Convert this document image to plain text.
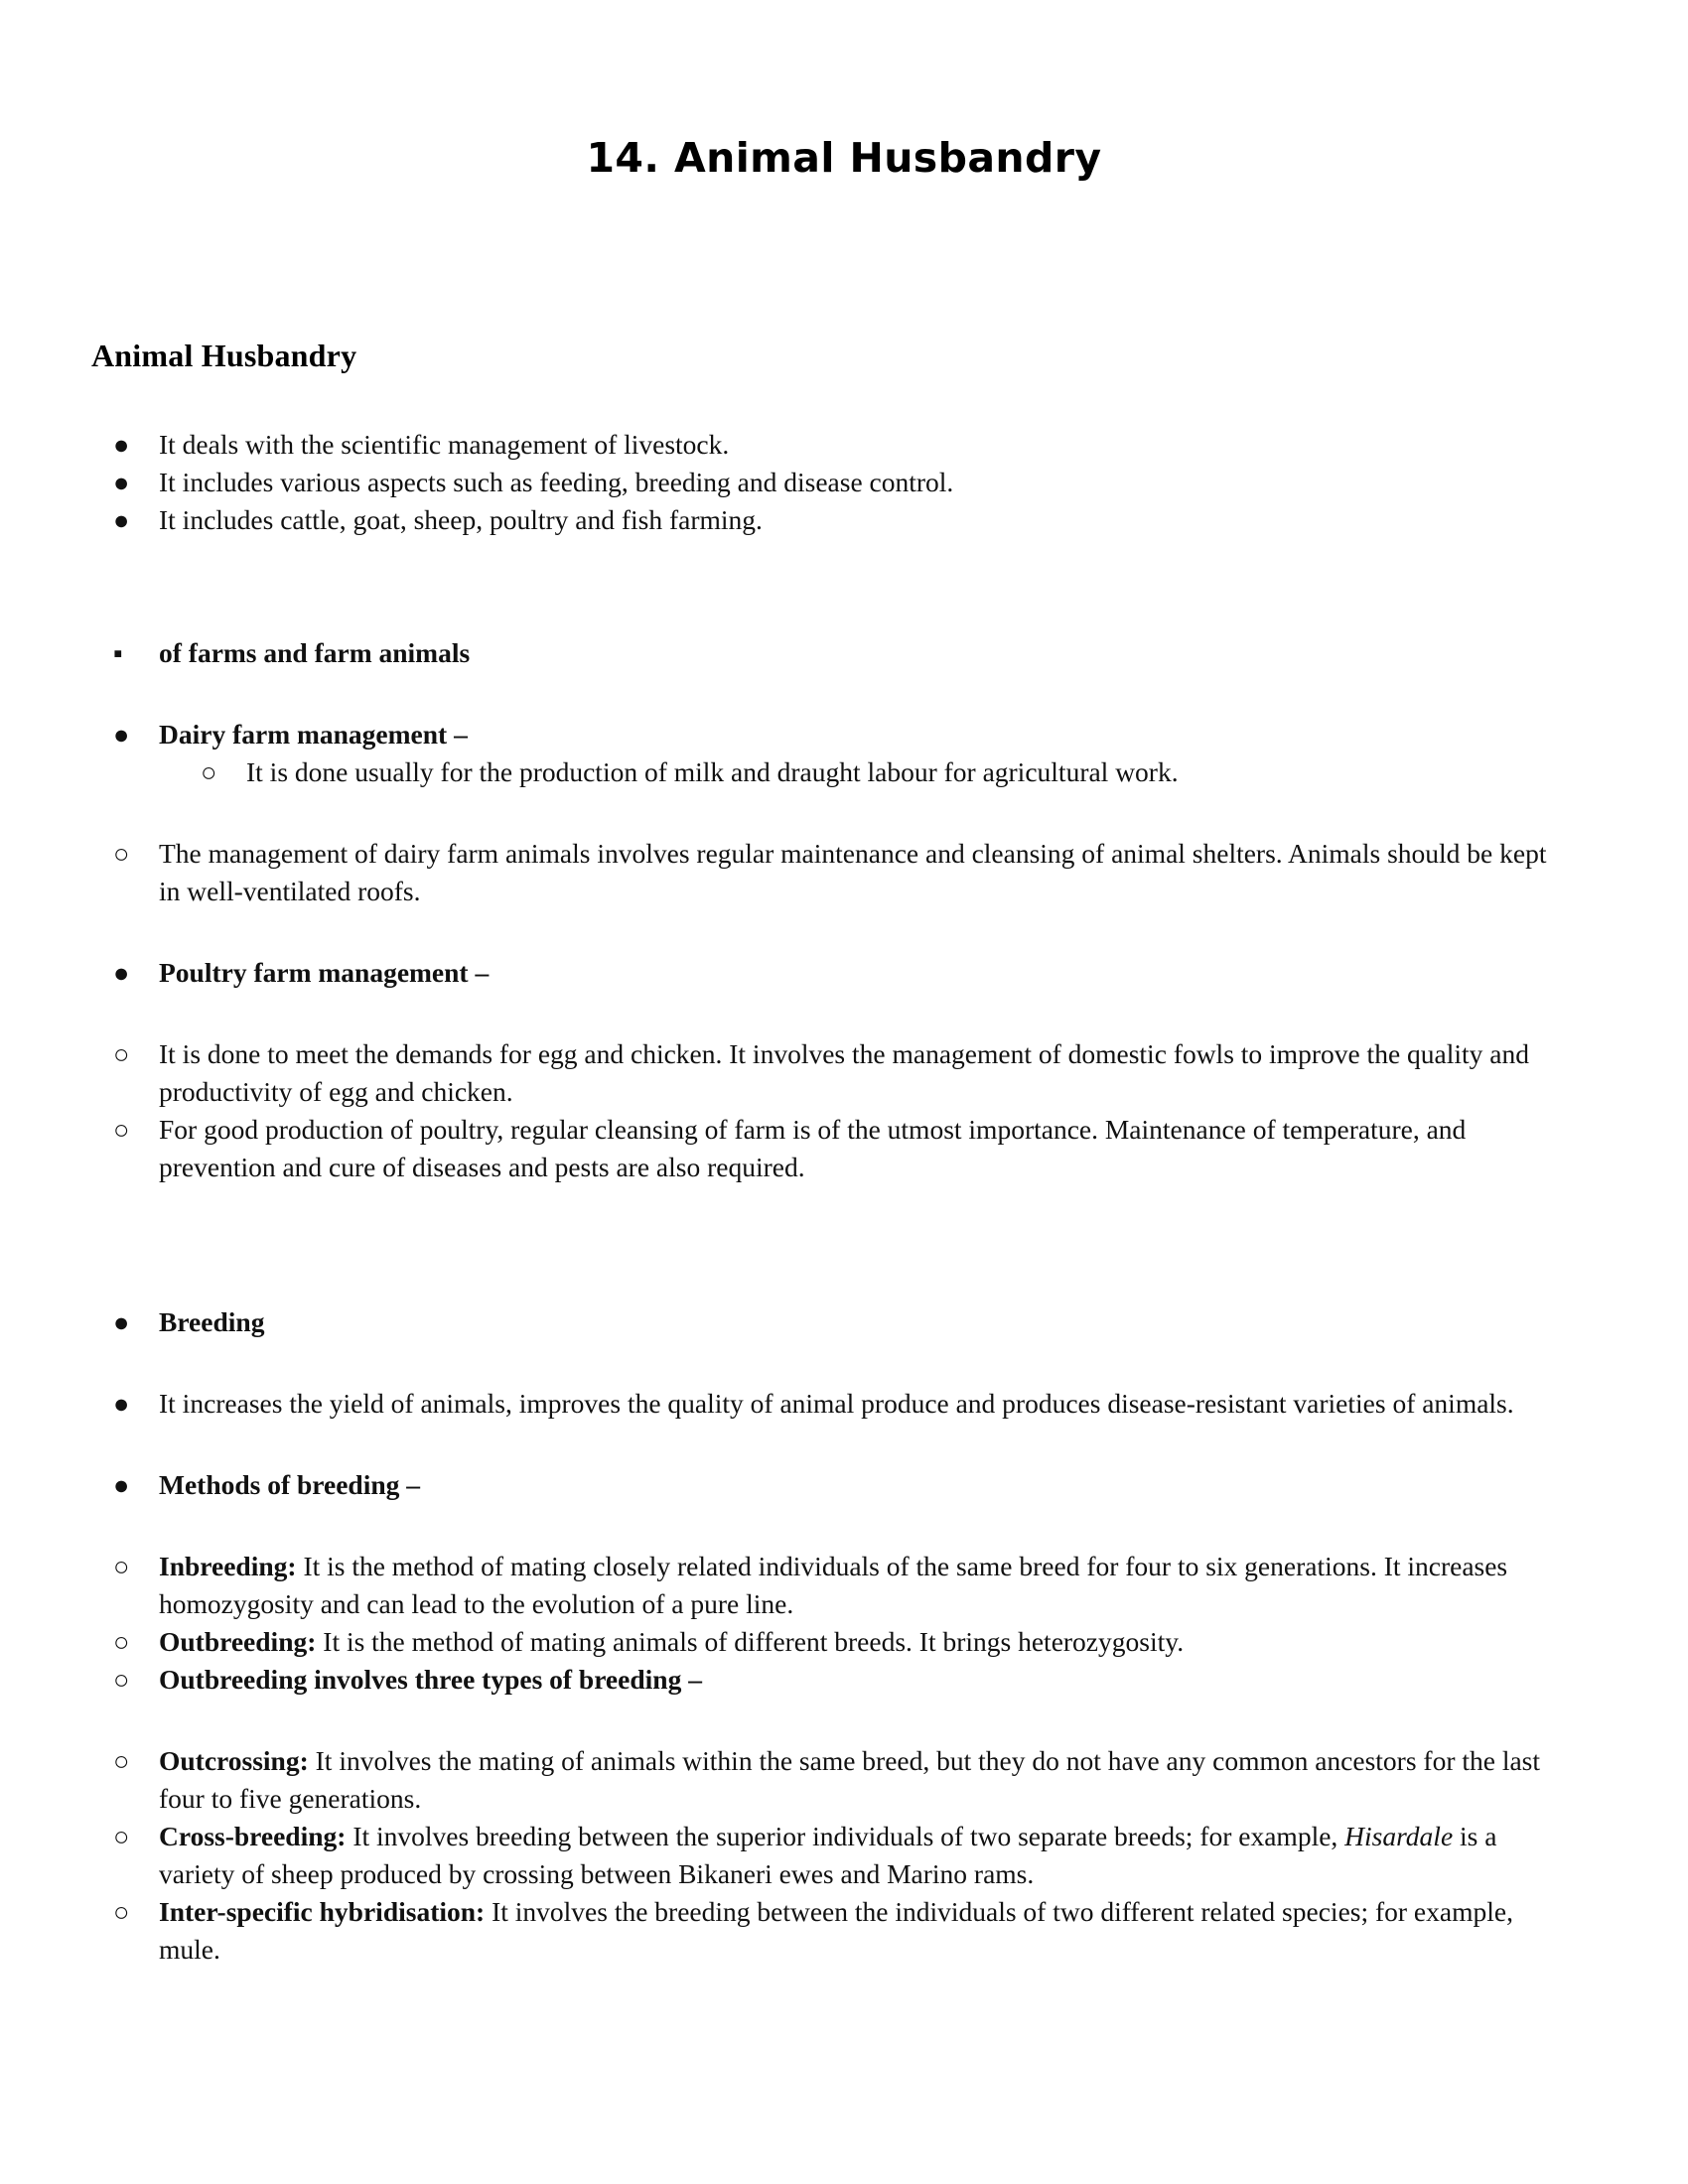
14. Animal Husbandry
Animal Husbandry
●	It deals with the scientific management of livestock.
●	It includes various aspects such as feeding, breeding and disease control.
●	It includes cattle, goat, sheep, poultry and fish farming.
▪	of farms and farm animals
●	Dairy farm management –
○	It is done usually for the production of milk and draught labour for agricultural work.
○	The management of dairy farm animals involves regular maintenance and cleansing of animal shelters. Animals should be kept in well-ventilated roofs.
●	Poultry farm management –
○	It is done to meet the demands for egg and chicken. It involves the management of domestic fowls to improve the quality and productivity of egg and chicken.
○	For good production of poultry, regular cleansing of farm is of the utmost importance. Maintenance of temperature, and prevention and cure of diseases and pests are also required.
●	Breeding
●	It increases the yield of animals, improves the quality of animal produce and produces disease-resistant varieties of animals.
●	Methods of breeding –
○	Inbreeding: It is the method of mating closely related individuals of the same breed for four to six generations. It increases homozygosity and can lead to the evolution of a pure line.
○	Outbreeding: It is the method of mating animals of different breeds. It brings heterozygosity.
○	Outbreeding involves three types of breeding –
○	Outcrossing: It involves the mating of animals within the same breed, but they do not have any common ancestors for the last four to five generations.
○	Cross-breeding: It involves breeding between the superior individuals of two separate breeds; for example, Hisardale is a variety of sheep produced by crossing between Bikaneri ewes and Marino rams.
○	Inter-specific hybridisation: It involves the breeding between the individuals of two different related species; for example, mule.
